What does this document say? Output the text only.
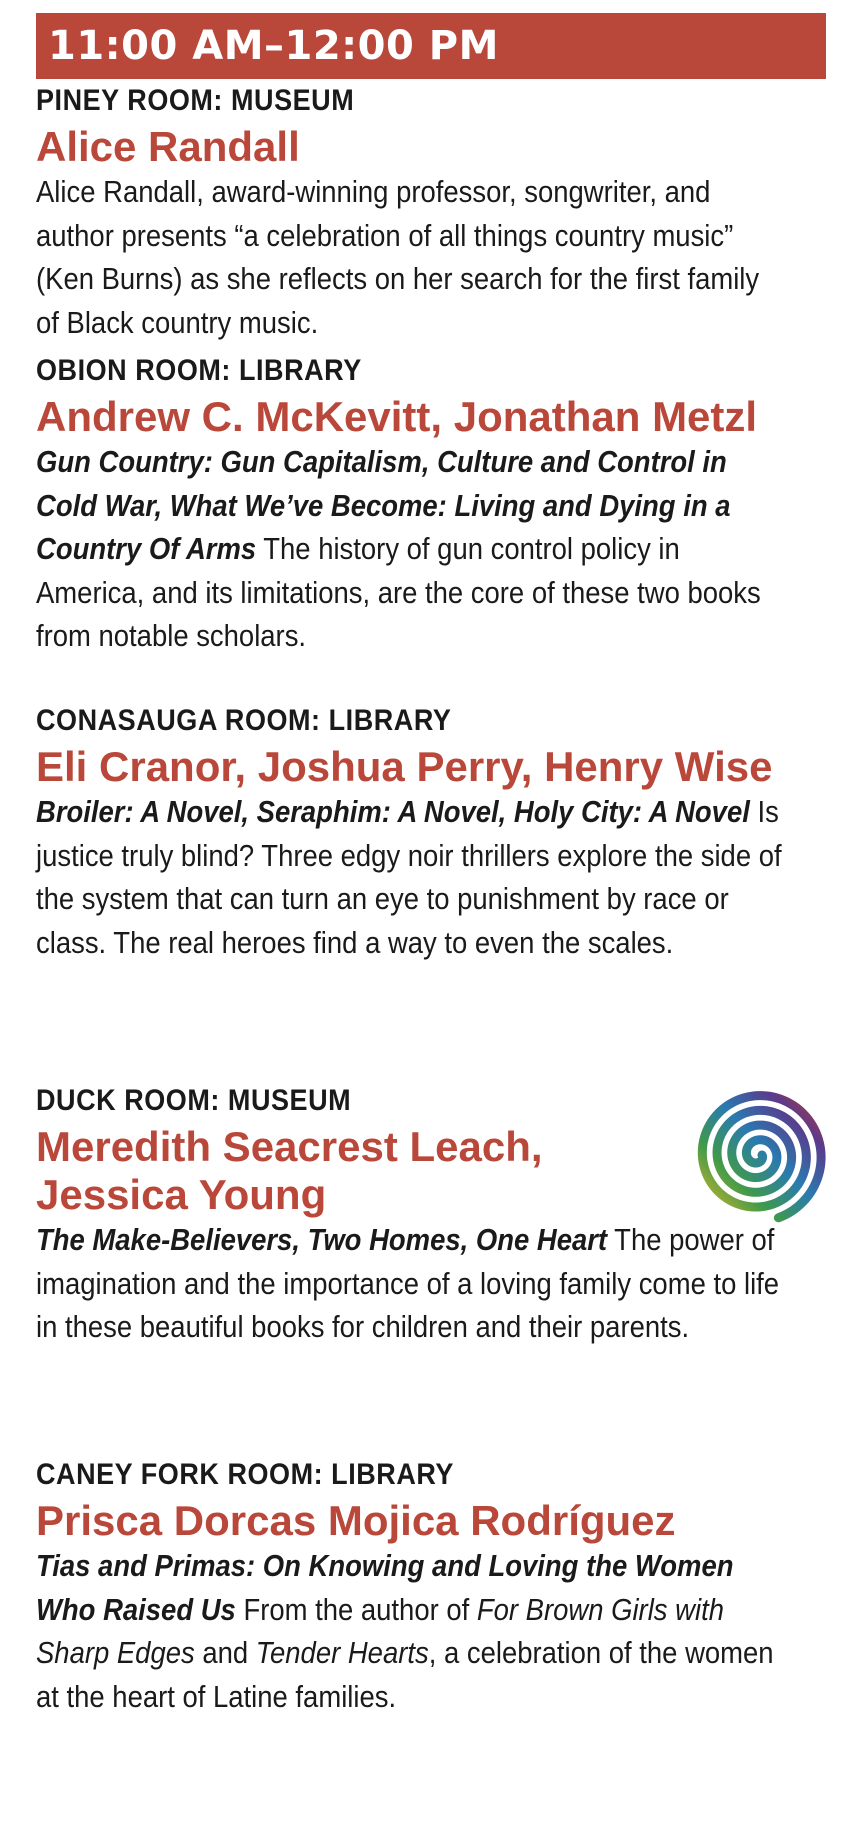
11:00 AM–12:00 PM
PINEY ROOM: MUSEUM
Alice Randall
Alice Randall, award-winning professor, songwriter, and author presents “a celebration of all things country music” (Ken Burns) as she reflects on her search for the first family of Black country music.
OBION ROOM: LIBRARY
Andrew C. McKevitt, Jonathan Metzl
Gun Country: Gun Capitalism, Culture and Control in Cold War, What We’ve Become: Living and Dying in a Country Of Arms The history of gun control policy in America, and its limitations, are the core of these two books from notable scholars.
CONASAUGA ROOM: LIBRARY
Eli Cranor, Joshua Perry, Henry Wise
Broiler: A Novel, Seraphim: A Novel, Holy City: A Novel Is justice truly blind? Three edgy noir thrillers explore the side of the system that can turn an eye to punishment by race or class. The real heroes find a way to even the scales.
DUCK ROOM: MUSEUM
Meredith Seacrest Leach,
Jessica Young
The Make-Believers, Two Homes, One Heart The power of imagination and the importance of a loving family come to life in these beautiful books for children and their parents.
CANEY FORK ROOM: LIBRARY
Prisca Dorcas Mojica Rodríguez
Tias and Primas: On Knowing and Loving the Women Who Raised Us From the author of For Brown Girls with Sharp Edges and Tender Hearts, a celebration of the women at the heart of Latine families.
